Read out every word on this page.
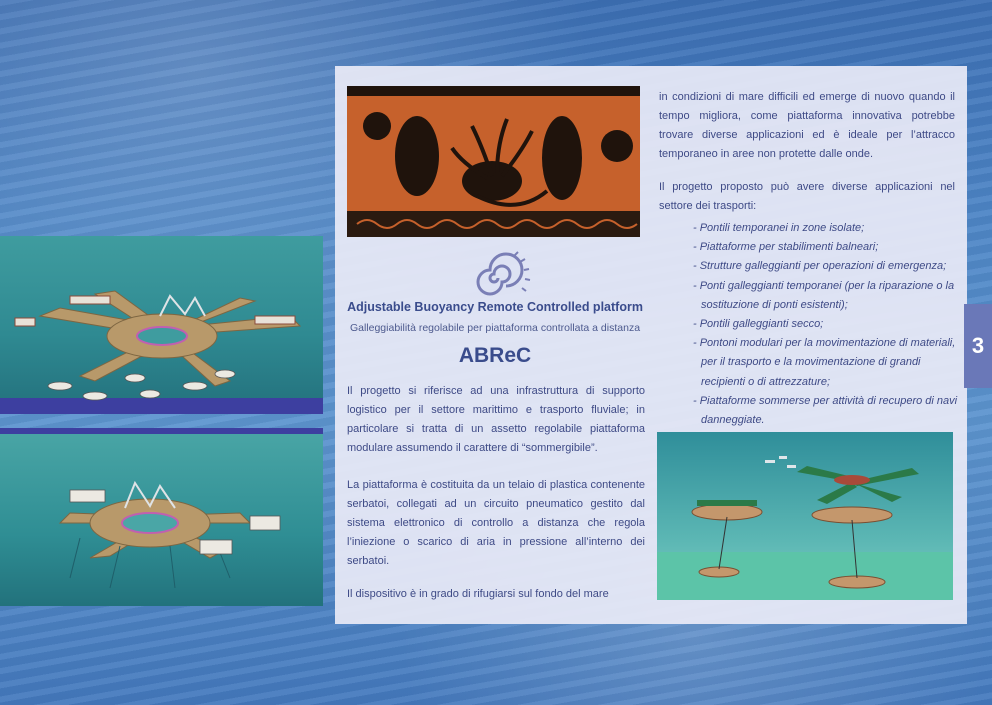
Adjustable Buoyancy Remote Controlled platform
Galleggiabilità regolabile per piattaforma controllata a distanza
ABReC
Il progetto si riferisce ad una infrastruttura di supporto logistico per il settore marittimo e trasporto fluviale; in particolare si tratta di un assetto regolabile piattaforma modulare assumendo il carattere di “sommergibile”.
La piattaforma è costituita da un telaio di plastica contenente serbatoi, collegati ad un circuito pneumatico gestito dal sistema elettronico di controllo a distanza che regola l’iniezione o scarico di aria in pressione all’interno dei serbatoi.
Il dispositivo è in grado di rifugiarsi sul fondo del mare
in condizioni di mare difficili ed emerge di nuovo quando il tempo migliora, come piattaforma innovativa potrebbe trovare diverse applicazioni ed è ideale per l’attracco temporaneo in aree non protette dalle onde.
Il progetto proposto può avere diverse applicazioni nel settore dei trasporti:
- Pontili temporanei in zone isolate;
- Piattaforme per stabilimenti balneari;
- Strutture galleggianti per operazioni di emergenza;
- Ponti galleggianti temporanei (per la riparazione o la sostituzione di ponti esistenti);
- Pontili galleggianti secco;
- Pontoni modulari per la movimentazione di materiali, per il trasporto e la movimentazione di grandi recipienti o di attrezzature;
- Piattaforme sommerse per attività di recupero di navi danneggiate.
3
